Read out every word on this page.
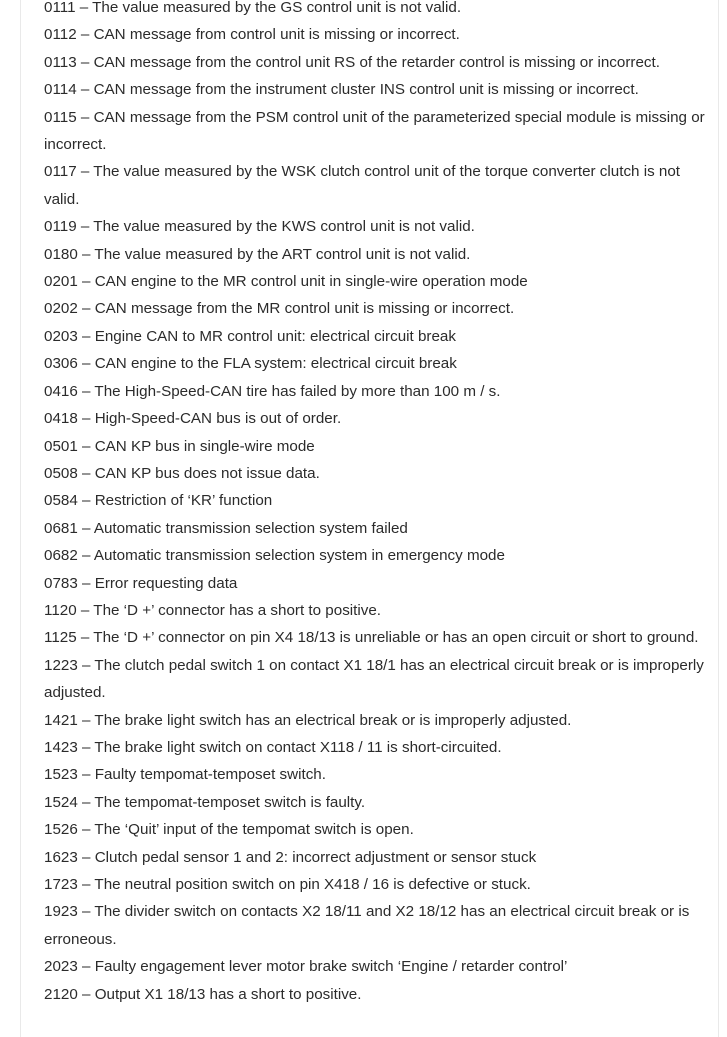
0111 – The value measured by the GS control unit is not valid.

0112 – CAN message from control unit is missing or incorrect.

0113 – CAN message from the control unit RS of the retarder control is missing or incorrect.

0114 – CAN message from the instrument cluster INS control unit is missing or incorrect.

0115 – CAN message from the PSM control unit of the parameterized special module is missing or incorrect.

0117 – The value measured by the WSK clutch control unit of the torque converter clutch is not valid.

0119 – The value measured by the KWS control unit is not valid.

0180 – The value measured by the ART control unit is not valid.

0201 – CAN engine to the MR control unit in single-wire operation mode

0202 – CAN message from the MR control unit is missing or incorrect.

0203 – Engine CAN to MR control unit: electrical circuit break

0306 – CAN engine to the FLA system: electrical circuit break

0416 – The High-Speed-CAN tire has failed by more than 100 m / s.

0418 – High-Speed-CAN bus is out of order.

0501 – CAN KP bus in single-wire mode

0508 – CAN KP bus does not issue data.

0584 – Restriction of ‘KR’ function

0681 – Automatic transmission selection system failed

0682 – Automatic transmission selection system in emergency mode

0783 – Error requesting data

1120 – The ‘D +’ connector has a short to positive.

1125 – The ‘D +’ connector on pin X4 18/13 is unreliable or has an open circuit or short to ground.

1223 – The clutch pedal switch 1 on contact X1 18/1 has an electrical circuit break or is improperly adjusted.

1421 – The brake light switch has an electrical break or is improperly adjusted.

1423 – The brake light switch on contact X118 / 11 is short-circuited.

1523 – Faulty tempomat-temposet switch.

1524 – The tempomat-temposet switch is faulty.

1526 – The ‘Quit’ input of the tempomat switch is open.

1623 – Clutch pedal sensor 1 and 2: incorrect adjustment or sensor stuck

1723 – The neutral position switch on pin X418 / 16 is defective or stuck.

1923 – The divider switch on contacts X2 18/11 and X2 18/12 has an electrical circuit break or is erroneous.

2023 – Faulty engagement lever motor brake switch ‘Engine / retarder control’

2120 – Output X1 18/13 has a short to positive.
